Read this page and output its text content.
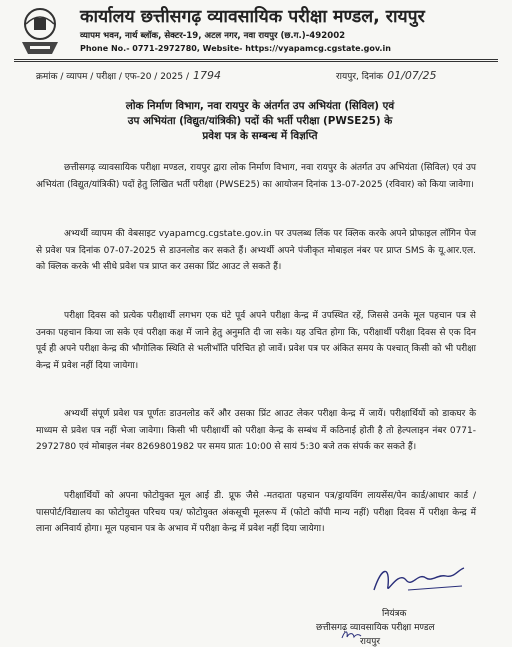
कार्यालय छत्तीसगढ़ व्यावसायिक परीक्षा मण्डल, रायपुर
व्यापम भवन, नार्थ ब्लॉक, सेक्टर-19, अटल नगर, नवा रायपुर (छ.ग.)-492002
Phone No.- 0771-2972780, Website- https://vyapamcg.cgstate.gov.in
क्रमांक / व्यापम / परीक्षा / एफ-20 / 2025 / 1794	रायपुर, दिनांक 01/07/25
लोक निर्माण विभाग, नवा रायपुर के अंतर्गत उप अभियंता (सिविल) एवं
उप अभियंता (विद्युत/यांत्रिकी) पदों की भर्ती परीक्षा (PWSE25) के
प्रवेश पत्र के सम्बन्ध में विज्ञप्ति

छत्तीसगढ़ व्यावसायिक परीक्षा मण्डल, रायपुर द्वारा लोक निर्माण विभाग, नवा रायपुर के अंतर्गत उप अभियंता (सिविल) एवं उप अभियंता (विद्युत/यांत्रिकी) पदों हेतु लिखित भर्ती परीक्षा (PWSE25) का आयोजन दिनांक 13-07-2025 (रविवार) को किया जावेगा।

अभ्यर्थी व्यापम की वेबसाइट vyapamcg.cgstate.gov.in पर उपलब्ध लिंक पर क्लिक करके अपने प्रोफाइल लॉगिन पेज से प्रवेश पत्र दिनांक 07-07-2025 से डाउनलोड कर सकते हैं। अभ्यर्थी अपने पंजीकृत मोबाइल नंबर पर प्राप्त SMS के यू.आर.एल. को क्लिक करके भी सीधे प्रवेश पत्र प्राप्त कर उसका प्रिंट आउट ले सकते हैं।

परीक्षा दिवस को प्रत्येक परीक्षार्थी लगभग एक घंटे पूर्व अपने परीक्षा केन्द्र में उपस्थित रहें, जिससे उनके मूल पहचान पत्र से उनका पहचान किया जा सके एवं परीक्षा कक्ष में जाने हेतु अनुमति दी जा सके। यह उचित होगा कि, परीक्षार्थी परीक्षा दिवस से एक दिन पूर्व ही अपने परीक्षा केन्द्र की भौगोलिक स्थिति से भलीभाँति परिचित हो जावें। प्रवेश पत्र पर अंकित समय के पश्चात् किसी को भी परीक्षा केन्द्र में प्रवेश नहीं दिया जायेगा।

अभ्यर्थी संपूर्ण प्रवेश पत्र पूर्णतः डाउनलोड करें और उसका प्रिंट आउट लेकर परीक्षा केन्द्र में जायें। परीक्षार्थियों को डाकघर के माध्यम से प्रवेश पत्र नहीं भेजा जावेगा। किसी भी परीक्षार्थी को परीक्षा केन्द्र के सम्बंध में कठिनाई होती है तो हेल्पलाइन नंबर 0771-2972780 एवं मोबाइल नंबर 8269801982 पर समय प्रातः 10:00 से सायं 5:30 बजे तक संपर्क कर सकते हैं।

परीक्षार्थियों को अपना फोटोयुक्त मूल आई डी. प्रूफ जैसे -मतदाता पहचान पत्र/ड्रायविंग लायसेंस/पेन कार्ड/आधार कार्ड / पासपोर्ट/विद्यालय का फोटोयुक्त परिचय पत्र/ फोटोयुक्त अंकसूची मूलरूप में (फोटो कॉपी मान्य नहीं) परीक्षा दिवस में परीक्षा केन्द्र में लाना अनिवार्य होगा। मूल पहचान पत्र के अभाव में परीक्षा केन्द्र में प्रवेश नहीं दिया जायेगा।

नियंत्रक
छत्तीसगढ़ व्यावसायिक परीक्षा मण्डल
रायपुर
